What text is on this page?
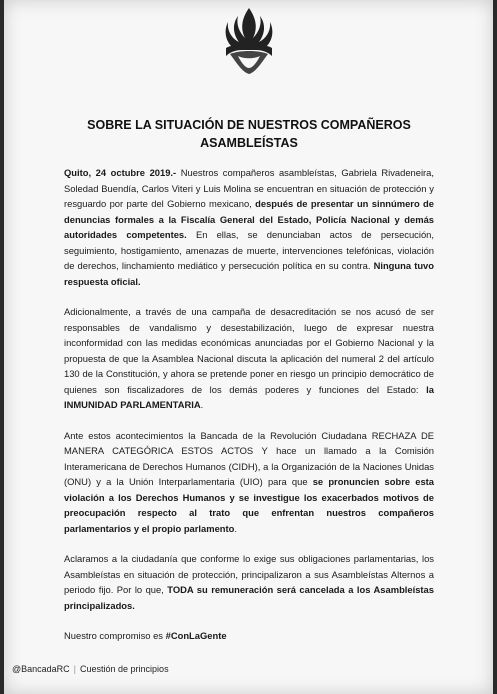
SOBRE LA SITUACIÓN DE NUESTROS COMPAÑEROS
ASAMBLEÍSTAS

Quito, 24 octubre 2019.- Nuestros compañeros asambleístas, Gabriela Rivadeneira, Soledad Buendía, Carlos Viteri y Luis Molina se encuentran en situación de protección y resguardo por parte del Gobierno mexicano, después de presentar un sinnúmero de denuncias formales a la Fiscalía General del Estado, Policía Nacional y demás autoridades competentes. En ellas, se denunciaban actos de persecución, seguimiento, hostigamiento, amenazas de muerte, intervenciones telefónicas, violación de derechos, linchamiento mediático y persecución política en su contra. Ninguna tuvo respuesta oficial.

Adicionalmente, a través de una campaña de desacreditación se nos acusó de ser responsables de vandalismo y desestabilización, luego de expresar nuestra inconformidad con las medidas económicas anunciadas por el Gobierno Nacional y la propuesta de que la Asamblea Nacional discuta la aplicación del numeral 2 del artículo 130 de la Constitución, y ahora se pretende poner en riesgo un principio democrático de quienes son fiscalizadores de los demás poderes y funciones del Estado: la INMUNIDAD PARLAMENTARIA.

Ante estos acontecimientos la Bancada de la Revolución Ciudadana RECHAZA DE MANERA CATEGÓRICA ESTOS ACTOS Y hace un llamado a la Comisión Interamericana de Derechos Humanos (CIDH), a la Organización de la Naciones Unidas (ONU) y a la Unión Interparlamentaria (UIO) para que se pronuncien sobre esta violación a los Derechos Humanos y se investigue los exacerbados motivos de preocupación respecto al trato que enfrentan nuestros compañeros parlamentarios y el propio parlamento.

Aclaramos a la ciudadanía que conforme lo exige sus obligaciones parlamentarias, los Asambleístas en situación de protección, principalizaron a sus Asambleístas Alternos a periodo fijo. Por lo que, TODA su remuneración será cancelada a los Asambleístas principalizados.

Nuestro compromiso es #ConLaGente

@BancadaRC | Cuestión de principios
